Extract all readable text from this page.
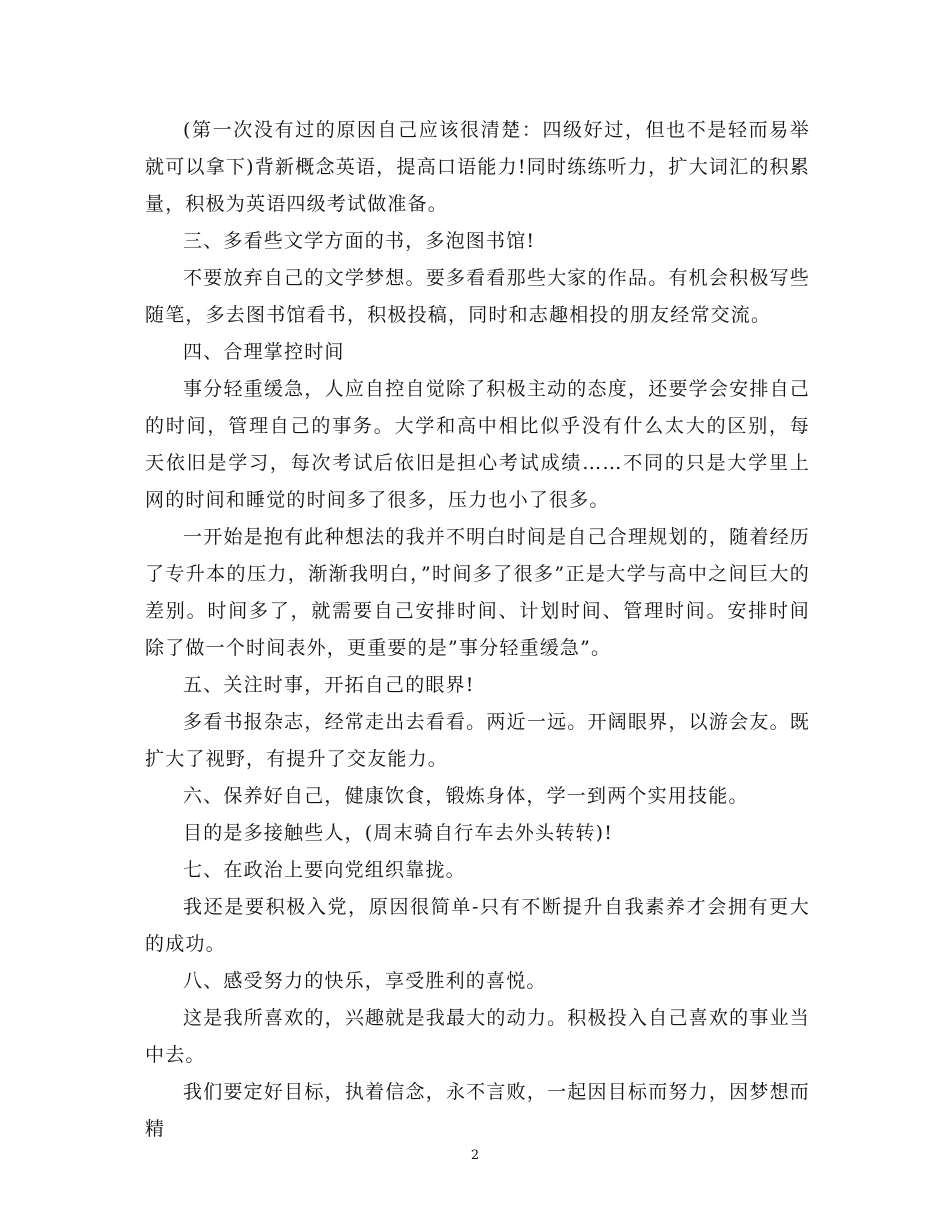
(第一次没有过的原因自己应该很清楚：四级好过，但也不是轻而易举就可以拿下)背新概念英语，提高口语能力!同时练练听力，扩大词汇的积累量，积极为英语四级考试做准备。

三、多看些文学方面的书，多泡图书馆!

不要放弃自己的文学梦想。要多看看那些大家的作品。有机会积极写些随笔，多去图书馆看书，积极投稿，同时和志趣相投的朋友经常交流。

四、合理掌控时间

事分轻重缓急，人应自控自觉除了积极主动的态度，还要学会安排自己的时间，管理自己的事务。大学和高中相比似乎没有什么太大的区别，每天依旧是学习，每次考试后依旧是担心考试成绩……不同的只是大学里上网的时间和睡觉的时间多了很多，压力也小了很多。

一开始是抱有此种想法的我并不明白时间是自己合理规划的，随着经历了专升本的压力，渐渐我明白，”时间多了很多”正是大学与高中之间巨大的差别。时间多了，就需要自己安排时间、计划时间、管理时间。安排时间除了做一个时间表外，更重要的是”事分轻重缓急”。

五、关注时事，开拓自己的眼界!

多看书报杂志，经常走出去看看。两近一远。开阔眼界，以游会友。既扩大了视野，有提升了交友能力。

六、保养好自己，健康饮食，锻炼身体，学一到两个实用技能。

目的是多接触些人，(周末骑自行车去外头转转)!

七、在政治上要向党组织靠拢。

我还是要积极入党，原因很简单-只有不断提升自我素养才会拥有更大的成功。

八、感受努力的快乐，享受胜利的喜悦。

这是我所喜欢的，兴趣就是我最大的动力。积极投入自己喜欢的事业当中去。

我们要定好目标，执着信念，永不言败，一起因目标而努力，因梦想而精

2
